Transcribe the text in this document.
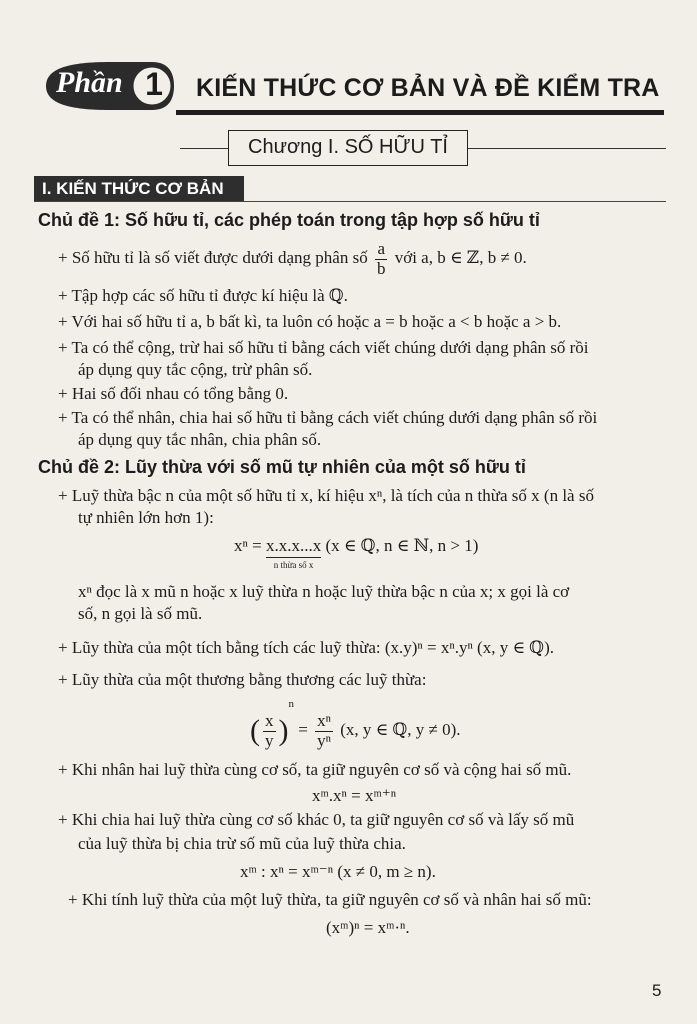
Phần 1 KIẾN THỨC CƠ BẢN VÀ ĐỀ KIỂM TRA
Chương I. SỐ HỮU TỈ
I. KIẾN THỨC CƠ BẢN
Chủ đề 1: Số hữu tỉ, các phép toán trong tập hợp số hữu tỉ
+ Số hữu tỉ là số viết được dưới dạng phân số $\frac{a}{b}$ với a, b ∈ ℤ, b ≠ 0.
+ Tập hợp các số hữu tỉ được kí hiệu là ℚ.
+ Với hai số hữu tỉ a, b bất kì, ta luôn có hoặc a = b hoặc a < b hoặc a > b.
+ Ta có thể cộng, trừ hai số hữu tỉ bằng cách viết chúng dưới dạng phân số rồi
áp dụng quy tắc cộng, trừ phân số.
+ Hai số đối nhau có tổng bằng 0.
+ Ta có thể nhân, chia hai số hữu tỉ bằng cách viết chúng dưới dạng phân số rồi
áp dụng quy tắc nhân, chia phân số.
Chủ đề 2: Lũy thừa với số mũ tự nhiên của một số hữu tỉ
+ Luỹ thừa bậc n của một số hữu tỉ x, kí hiệu xⁿ, là tích của n thừa số x (n là số
tự nhiên lớn hơn 1):
xⁿ = x.x.x...x
n thừa số x
(x ∈ ℚ, n ∈ ℕ, n > 1)
xⁿ đọc là x mũ n hoặc x luỹ thừa n hoặc luỹ thừa bậc n của x; x gọi là cơ
số, n gọi là số mũ.
+ Lũy thừa của một tích bằng tích các luỹ thừa: (x.y)ⁿ = xⁿ.yⁿ (x, y ∈ ℚ).
+ Lũy thừa của một thương bằng thương các luỹ thừa:
( $\frac{x}{y} )^n = \frac{\text{xⁿ}}{\text{yⁿ}} (x$, y ∈ ℚ, y ≠ 0).
+ Khi nhân hai luỹ thừa cùng cơ số, ta giữ nguyên cơ số và cộng hai số mũ.
xᵐ.xⁿ = xᵐ⁺ⁿ
+ Khi chia hai luỹ thừa cùng cơ số khác 0, ta giữ nguyên cơ số và lấy số mũ
của luỹ thừa bị chia trừ số mũ của luỹ thừa chia.
xᵐ : xⁿ = xᵐ⁻ⁿ (x ≠ 0, m ≥ n).
+ Khi tính luỹ thừa của một luỹ thừa, ta giữ nguyên cơ số và nhân hai số mũ:
(xᵐ)ⁿ = xᵐ·ⁿ.
5
